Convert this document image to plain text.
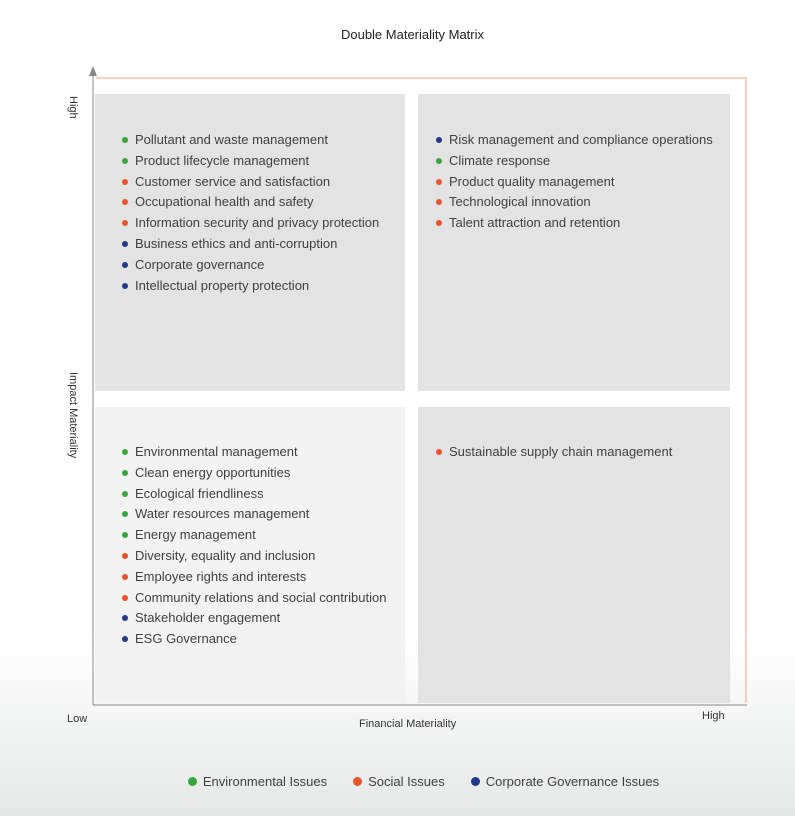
Double Materiality Matrix
Pollutant and waste management
Product lifecycle management
Customer service and satisfaction
Occupational health and safety
Information security and privacy protection
Business ethics and anti-corruption
Corporate governance
Intellectual property protection
Risk management and compliance operations
Climate response
Product quality management
Technological innovation
Talent attraction and retention
Environmental management
Clean energy opportunities
Ecological friendliness
Water resources management
Energy management
Diversity, equality and inclusion
Employee rights and interests
Community relations and social contribution
Stakeholder engagement
ESG Governance
Sustainable supply chain management
High
Impact Materiality
Low	Financial Materiality
High
Environmental Issues	Social Issues	Corporate Governance Issues
